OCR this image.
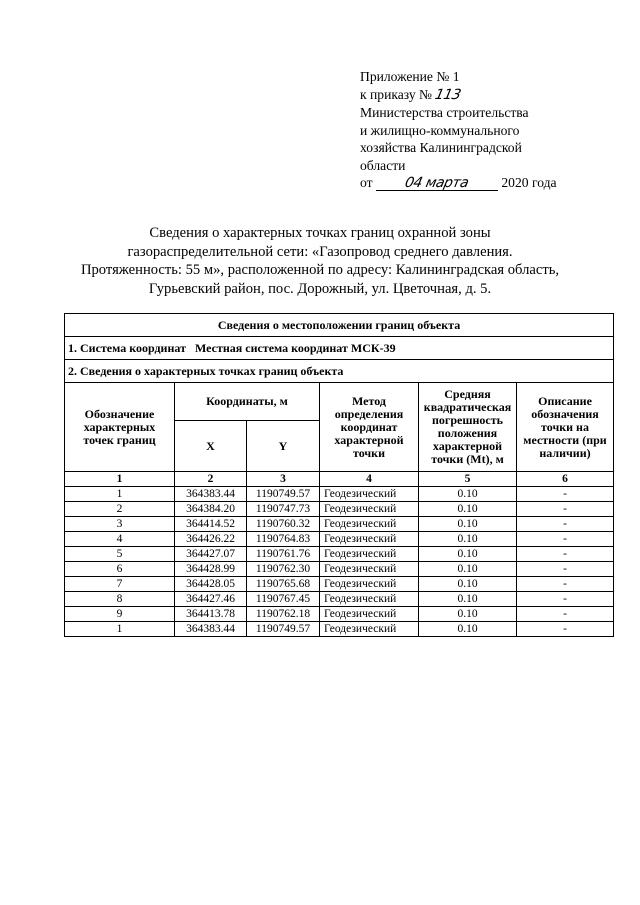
Приложение № 1
к приказу № 113
Министерства строительства
и жилищно-коммунального
хозяйства Калининградской
области
от 04 марта 2020 года
Сведения о характерных точках границ охранной зоны
газораспределительной сети: «Газопровод среднего давления.
Протяженность: 55 м», расположенной по адресу: Калининградская область,
Гурьевский район, пос. Дорожный, ул. Цветочная, д. 5.
Сведения о местоположении границ объекта					
1. Система координат   Местная система координат МСК-39					
2. Сведения о характерных точках границ объекта					
Обозначение характерных точек границ	Координаты, м		Метод определения координат характерной точки	Средняя квадратическая погрешность положения характерной точки (Mt), м	Описание обозначения точки на местности (при наличии)
	X	Y			
1	2	3	4	5	6
1	364383.44	1190749.57	Геодезический	0.10	-
2	364384.20	1190747.73	Геодезический	0.10	-
3	364414.52	1190760.32	Геодезический	0.10	-
4	364426.22	1190764.83	Геодезический	0.10	-
5	364427.07	1190761.76	Геодезический	0.10	-
6	364428.99	1190762.30	Геодезический	0.10	-
7	364428.05	1190765.68	Геодезический	0.10	-
8	364427.46	1190767.45	Геодезический	0.10	-
9	364413.78	1190762.18	Геодезический	0.10	-
1	364383.44	1190749.57	Геодезический	0.10	-
